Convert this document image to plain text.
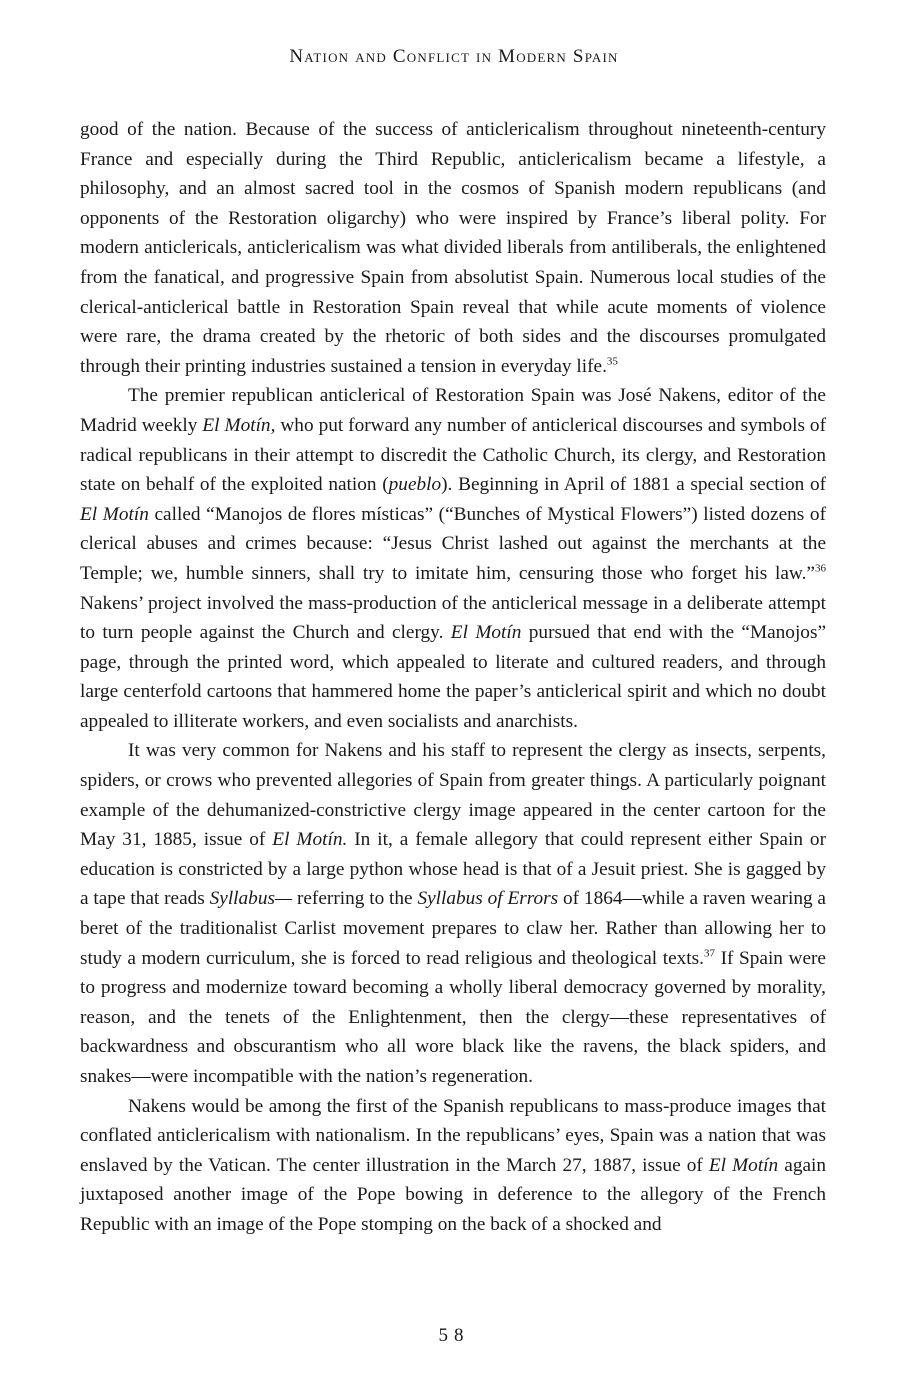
Nation and Conflict in Modern Spain

good of the nation. Because of the success of anticlericalism throughout nineteenth-century France and especially during the Third Republic, anticlericalism became a lifestyle, a philosophy, and an almost sacred tool in the cosmos of Spanish modern republicans (and opponents of the Restoration oligarchy) who were inspired by France’s liberal polity. For modern anticlericals, anticlericalism was what divided liberals from antiliberals, the enlightened from the fanatical, and progressive Spain from absolutist Spain. Numerous local studies of the clerical-anticlerical battle in Restoration Spain reveal that while acute moments of violence were rare, the drama created by the rhetoric of both sides and the discourses promulgated through their printing industries sustained a tension in everyday life.$^{35}$

The premier republican anticlerical of Restoration Spain was José Nakens, editor of the Madrid weekly El Motín, who put forward any number of anticlerical discourses and symbols of radical republicans in their attempt to discredit the Catholic Church, its clergy, and Restoration state on behalf of the exploited nation (pueblo). Beginning in April of 1881 a special section of El Motín called “Manojos de flores místicas” (“Bunches of Mystical Flowers”) listed dozens of clerical abuses and crimes because: “Jesus Christ lashed out against the merchants at the Temple; we, humble sinners, shall try to imitate him, censuring those who forget his law.”$^{36}$ Nakens’ project involved the mass-production of the anticlerical message in a deliberate attempt to turn people against the Church and clergy. El Motín pursued that end with the “Manojos” page, through the printed word, which appealed to literate and cultured readers, and through large centerfold cartoons that hammered home the paper’s anticlerical spirit and which no doubt appealed to illiterate workers, and even socialists and anarchists.

It was very common for Nakens and his staff to represent the clergy as insects, serpents, spiders, or crows who prevented allegories of Spain from greater things. A particularly poignant example of the dehumanized-constrictive clergy image appeared in the center cartoon for the May 31, 1885, issue of El Motín. In it, a female allegory that could represent either Spain or education is constricted by a large python whose head is that of a Jesuit priest. She is gagged by a tape that reads Syllabus— referring to the Syllabus of Errors of 1864—while a raven wearing a beret of the traditionalist Carlist movement prepares to claw her. Rather than allowing her to study a modern curriculum, she is forced to read religious and theological texts.$^{37}$ If Spain were to progress and modernize toward becoming a wholly liberal democracy governed by morality, reason, and the tenets of the Enlightenment, then the clergy—these representatives of backwardness and obscurantism who all wore black like the ravens, the black spiders, and snakes—were incompatible with the nation’s regeneration.

Nakens would be among the first of the Spanish republicans to mass-produce images that conflated anticlericalism with nationalism. In the republicans’ eyes, Spain was a nation that was enslaved by the Vatican. The center illustration in the March 27, 1887, issue of El Motín again juxtaposed another image of the Pope bowing in deference to the allegory of the French Republic with an image of the Pope stomping on the back of a shocked and

58
